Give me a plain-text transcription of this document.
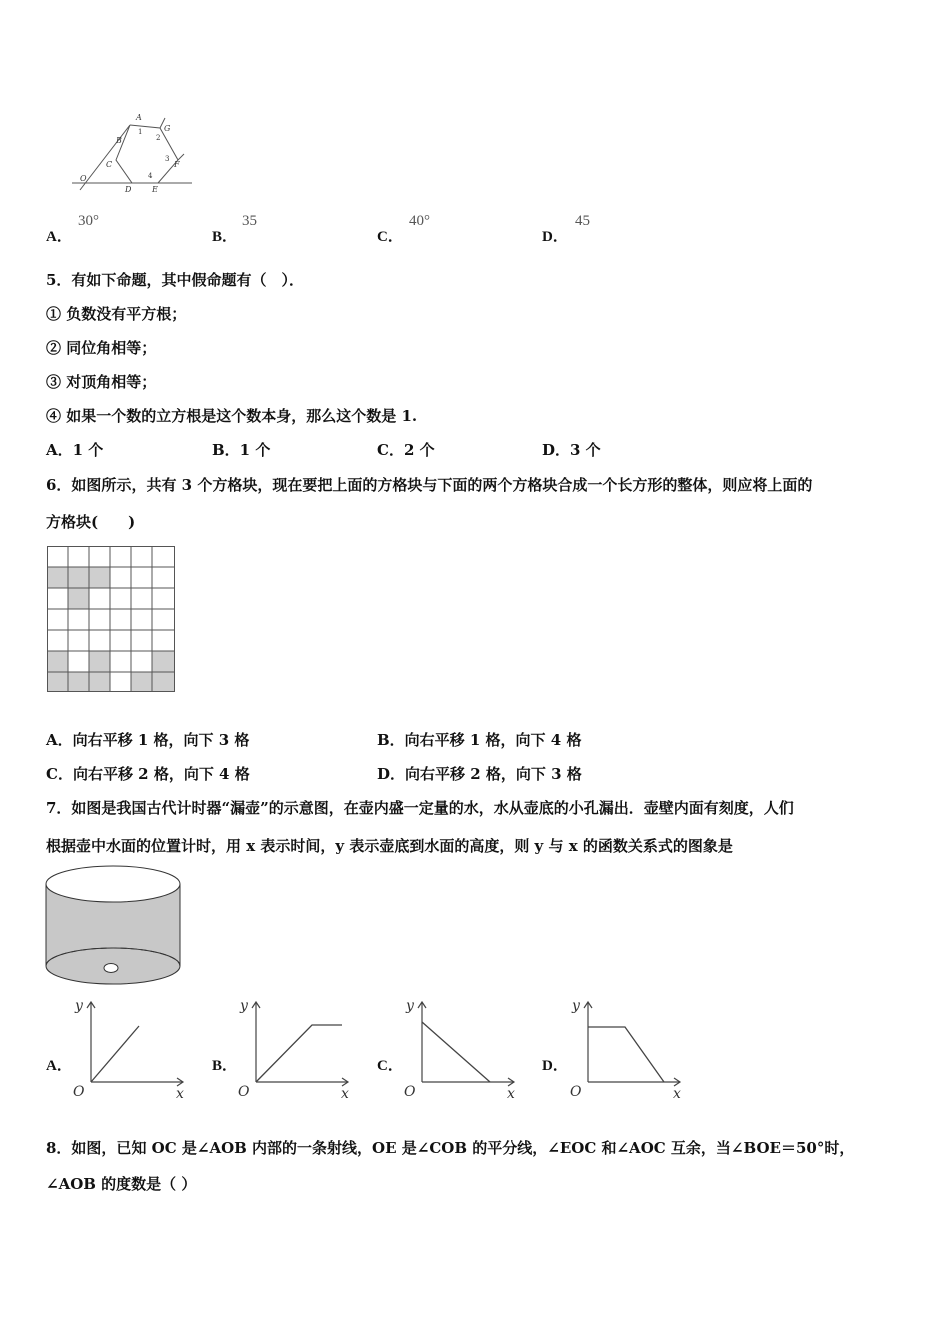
A
1	G
2
B
C
3
F
O	4
D	E
A．
30°
B．
35
C．
40°
D．
45
5．有如下命题，其中假命题有（　）．
① 负数没有平方根；
② 同位角相等；
③ 对顶角相等；
④ 如果一个数的立方根是这个数本身，那么这个数是 1.
A．1 个	B．1 个	C．2 个	D．3 个
6．如图所示，共有 3 个方格块，现在要把上面的方格块与下面的两个方格块合成一个长方形的整体，则应将上面的
方格块(　　)
A．向右平移 1 格，向下 3 格	B．向右平移 1 格，向下 4 格
C．向右平移 2 格，向下 4 格	D．向右平移 2 格，向下 3 格
7．如图是我国古代计时器“漏壶”的示意图，在壶内盛一定量的水，水从壶底的小孔漏出．壶壁内面有刻度，人们
根据壶中水面的位置计时，用 x 表示时间，y 表示壶底到水面的高度，则 y 与 x 的函数关系式的图象是
A．
y
x
O
B．
y
x
O
C．
y
x
O
D．
y
x
O
8．如图，已知 OC 是∠AOB 内部的一条射线，OE 是∠COB 的平分线，∠EOC 和∠AOC 互余，当∠BOE＝50°时，
∠AOB 的度数是（ ）
